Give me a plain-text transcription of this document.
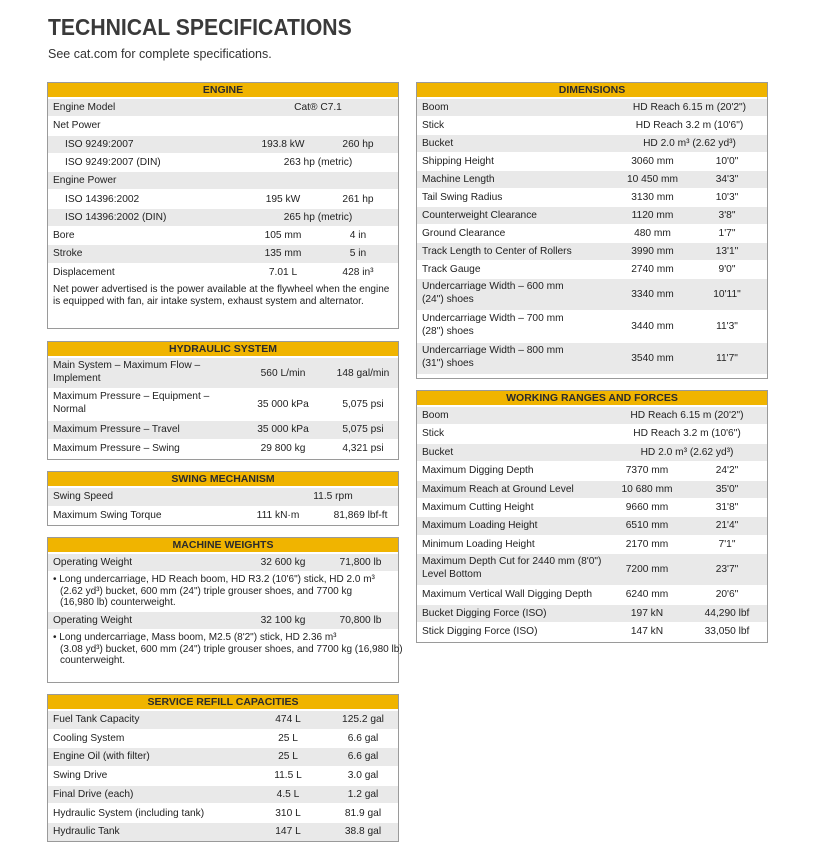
TECHNICAL SPECIFICATIONS
See cat.com for complete specifications.
ENGINE
Engine Model	Cat® C7.1
Net Power
ISO 9249:2007	193.8 kW	260 hp
ISO 9249:2007 (DIN)	263 hp (metric)
Engine Power
ISO 14396:2002	195 kW	261 hp
ISO 14396:2002 (DIN)	265 hp (metric)
Bore	105 mm	4 in
Stroke	135 mm	5 in
Displacement	7.01 L	428 in³
Net power advertised is the power available at the flywheel when the engine is equipped with fan, air intake system, exhaust system and alternator.
HYDRAULIC SYSTEM
Main System – Maximum Flow –
Implement	560 L/min	148 gal/min
Maximum Pressure – Equipment –
Normal	35 000 kPa	5,075 psi
Maximum Pressure – Travel	35 000 kPa	5,075 psi
Maximum Pressure – Swing	29 800 kg	4,321 psi
SWING MECHANISM
Swing Speed	11.5 rpm
Maximum Swing Torque	111 kN·m	81,869 lbf-ft
MACHINE WEIGHTS
Operating Weight	32 600 kg	71,800 lb
• Long undercarriage, HD Reach boom, HD R3.2 (10'6") stick, HD 2.0 m³
(2.62 yd³) bucket, 600 mm (24") triple grouser shoes, and 7700 kg
(16,980 lb) counterweight.
Operating Weight	32 100 kg	70,800 lb
• Long undercarriage, Mass boom, M2.5 (8'2") stick, HD 2.36 m³
(3.08 yd³) bucket, 600 mm (24") triple grouser shoes, and 7700 kg (16,980 lb)
counterweight.
SERVICE REFILL CAPACITIES
Fuel Tank Capacity	474 L	125.2 gal
Cooling System	25 L	6.6 gal
Engine Oil (with filter)	25 L	6.6 gal
Swing Drive	11.5 L	3.0 gal
Final Drive (each)	4.5 L	1.2 gal
Hydraulic System (including tank)	310 L	81.9 gal
Hydraulic Tank	147 L	38.8 gal
DIMENSIONS
Boom	HD Reach 6.15 m (20'2")
Stick	HD Reach 3.2 m (10'6")
Bucket	HD 2.0 m³ (2.62 yd³)
Shipping Height	3060 mm	10'0"
Machine Length	10 450 mm	34'3"
Tail Swing Radius	3130 mm	10'3"
Counterweight Clearance	1120 mm	3'8"
Ground Clearance	480 mm	1'7"
Track Length to Center of Rollers	3990 mm	13'1"
Track Gauge	2740 mm	9'0"
Undercarriage Width – 600 mm
(24") shoes	3340 mm	10'11"
Undercarriage Width – 700 mm
(28") shoes	3440 mm	11'3"
Undercarriage Width – 800 mm
(31") shoes	3540 mm	11'7"
WORKING RANGES AND FORCES
Boom	HD Reach 6.15 m (20'2")
Stick	HD Reach 3.2 m (10'6")
Bucket	HD 2.0 m³ (2.62 yd³)
Maximum Digging Depth	7370 mm	24'2"
Maximum Reach at Ground Level	10 680 mm	35'0"
Maximum Cutting Height	9660 mm	31'8"
Maximum Loading Height	6510 mm	21'4"
Minimum Loading Height	2170 mm	7'1"
Maximum Depth Cut for 2440 mm (8'0")
Level Bottom	7200 mm	23'7"
Maximum Vertical Wall Digging Depth	6240 mm	20'6"
Bucket Digging Force (ISO)	197 kN	44,290 lbf
Stick Digging Force (ISO)	147 kN	33,050 lbf
